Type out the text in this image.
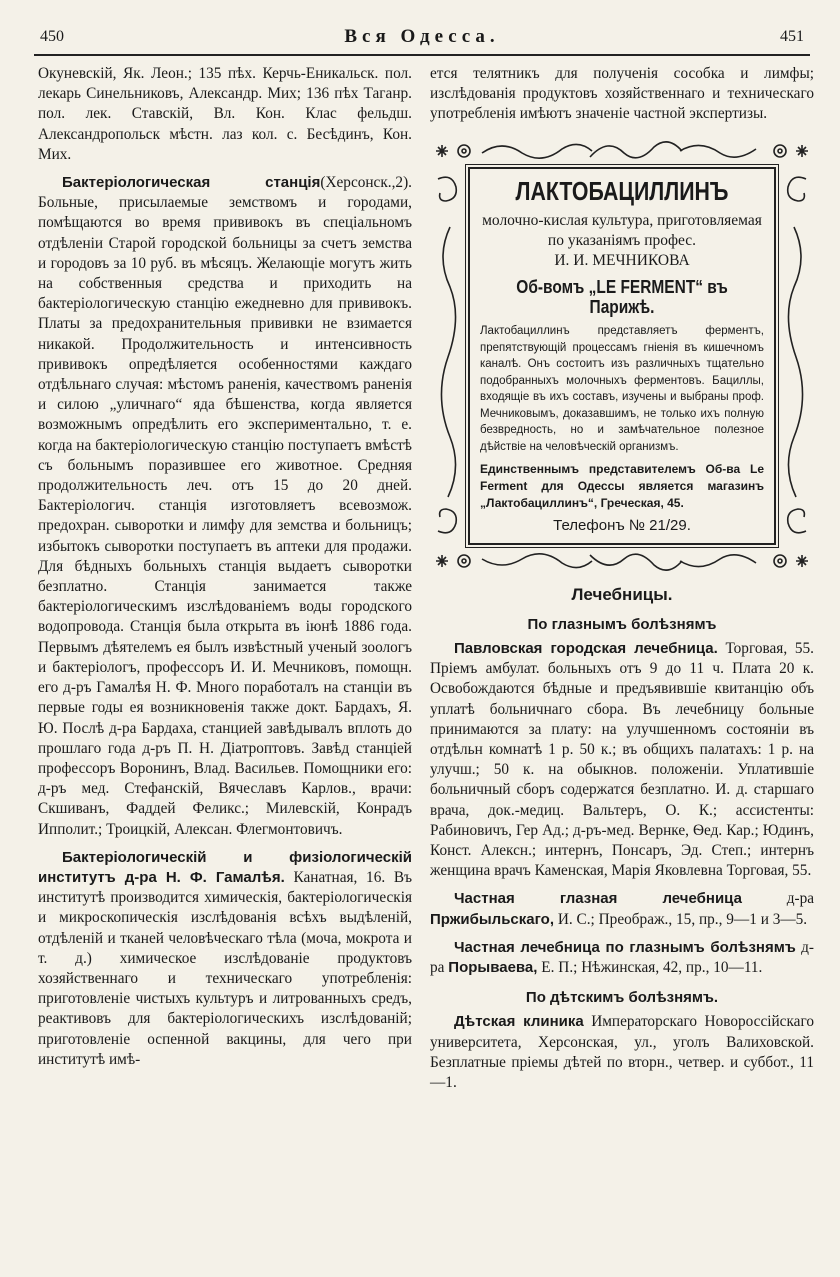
450	Вся Одесса.	451

Окуневскій, Як. Леон.; 135 пѣх. Керчь-Еникальск. пол. лекарь Синельниковъ, Александр. Мих; 136 пѣх Таганр. пол. лек. Ставскій, Вл. Кон. Клас фельдш. Александропольск мѣстн. лаз кол. с. Бесѣдинъ, Кон. Мих.

Бактеріологическая станція(Херсонск.,2). Больные, присылаемые земствомъ и городами, помѣщаются во время прививокъ въ спеціальномъ отдѣленіи Старой городской больницы за счетъ земства и городовъ за 10 руб. въ мѣсяцъ. Желающіе могутъ жить на собственныя средства и приходить на бактеріологическую станцію ежедневно для прививокъ. Платы за предохранительныя прививки не взимается никакой. Продолжительность и интенсивность прививокъ опредѣляется особенностями каждаго отдѣльнаго случая: мѣстомъ раненія, качествомъ раненія и силою „уличнаго“ яда бѣшенства, когда является возможнымъ опредѣлить его экспериментально, т. е. когда на бактеріологическую станцію поступаетъ вмѣстѣ съ больнымъ поразившее его животное. Средняя продолжительность леч. отъ 15 до 20 дней. Бактеріологич. станція изготовляетъ всевозмож. предохран. сыворотки и лимфу для земства и больницъ; избытокъ сыворотки поступаетъ въ аптеки для продажи. Для бѣдныхъ больныхъ станція выдаетъ сыворотки безплатно. Станція занимается также бактеріологическимъ изслѣдованіемъ воды городского водопровода. Станція была открыта въ іюнѣ 1886 года. Первымъ дѣятелемъ ея былъ извѣстный ученый зоологъ и бактеріологъ, профессоръ И. И. Мечниковъ, помощн. его д-ръ Гамалѣя Н. Ф. Много поработалъ на станціи въ первые годы ея возникновенія также докт. Бардахъ, Я. Ю. Послѣ д-ра Бардаха, станцией завѣдывалъ вплоть до прошлаго года д-ръ П. Н. Діатроптовъ. Завѣд станціей профессоръ Воронинъ, Влад. Васильев. Помощники его: д-ръ мед. Стефанскій, Вячеславъ Карлов., врачи: Скшиванъ, Фаддей Феликс.; Милевскій, Конрадъ Ипполит.; Троицкій, Алексан. Флегмонтовичъ.

Бактеріологическій и физіологическій институтъ д-ра Н. Ф. Гамалѣя. Канатная, 16. Въ институтѣ производится химическія, бактеріологическія и микроскопическія изслѣдованія всѣхъ выдѣленій, отдѣленій и тканей человѣческаго тѣла (моча, мокрота и т. д.) химическое изслѣдованіе продуктовъ хозяйственнаго и техническаго употребленія: приготовленіе чистыхъ культуръ и литрованныхъ средъ, реактивовъ для бактеріологическихъ изслѣдованій; приготовленіе оспенной вакцины, для чего при институтѣ имѣ-

ется телятникъ для полученія сособка и лимфы; изслѣдованія продуктовъ хозяйственнаго и техническаго употребленія имѣютъ значеніе частной экспертизы.

ЛАКТОБАЦИЛЛИНЪ
молочно-кислая культура, приготовляемая по указаніямъ профес.
И. И. МЕЧНИКОВА
Об-вомъ „LE FERMENT“ въ Парижѣ.
Лактобациллинъ представляетъ ферментъ, препятствующій процессамъ гніенія въ кишечномъ каналѣ. Онъ состоитъ изъ различныхъ тщательно подобранныхъ молочныхъ ферментовъ. Бациллы, входящіе въ ихъ составъ, изучены и выбраны проф. Мечниковымъ, доказавшимъ, не только ихъ полную безвредность, но и замѣчательное полезное дѣйствіе на человѣческій организмъ.
Единственнымъ представителемъ Об-ва Le Ferment для Одессы является магазинъ „Лактобациллинъ“, Греческая, 45.
Телефонъ № 21/29.
Лечебницы.
По глазнымъ болѣзнямъ

Павловская городская лечебница. Торговая, 55. Пріемъ амбулат. больныхъ отъ 9 до 11 ч. Плата 20 к. Освобождаются бѣдные и предъявившіе квитанцію объ уплатѣ больничнаго сбора. Въ лечебницу больные принимаются за плату: на улучшенномъ состояніи въ отдѣльн комнатѣ 1 р. 50 к.; въ общихъ палатахъ: 1 р. на улучш.; 50 к. на обыкнов. положеніи. Уплатившіе больничный сборъ содержатся безплатно. И. д. старшаго врача, док.-медиц. Вальтеръ, О. К.; ассистенты: Рабиновичъ, Гер Ад.; д-ръ-мед. Вернке, Ѳед. Кар.; Юдинъ, Конст. Алексн.; интернъ, Понсаръ, Эд. Степ.; интернъ женщина врачъ Каменская, Марія Яковлевна Торговая, 55.

Частная глазная лечебница	д-ра Пржибыльскаго, И. С.; Преображ., 15, пр., 9—1 и 3—5.

Частная лечебница по глазнымъ болѣзнямъ д-ра Порываева, Е. П.; Нѣжинская, 42, пр., 10—11.

По дѣтскимъ болѣзнямъ.

Дѣтская клиника Императорскаго Новороссійскаго университета, Херсонская, ул., уголъ Валиховской. Безплатные пріемы дѣтей по вторн., четвер. и суббот., 11—1.
